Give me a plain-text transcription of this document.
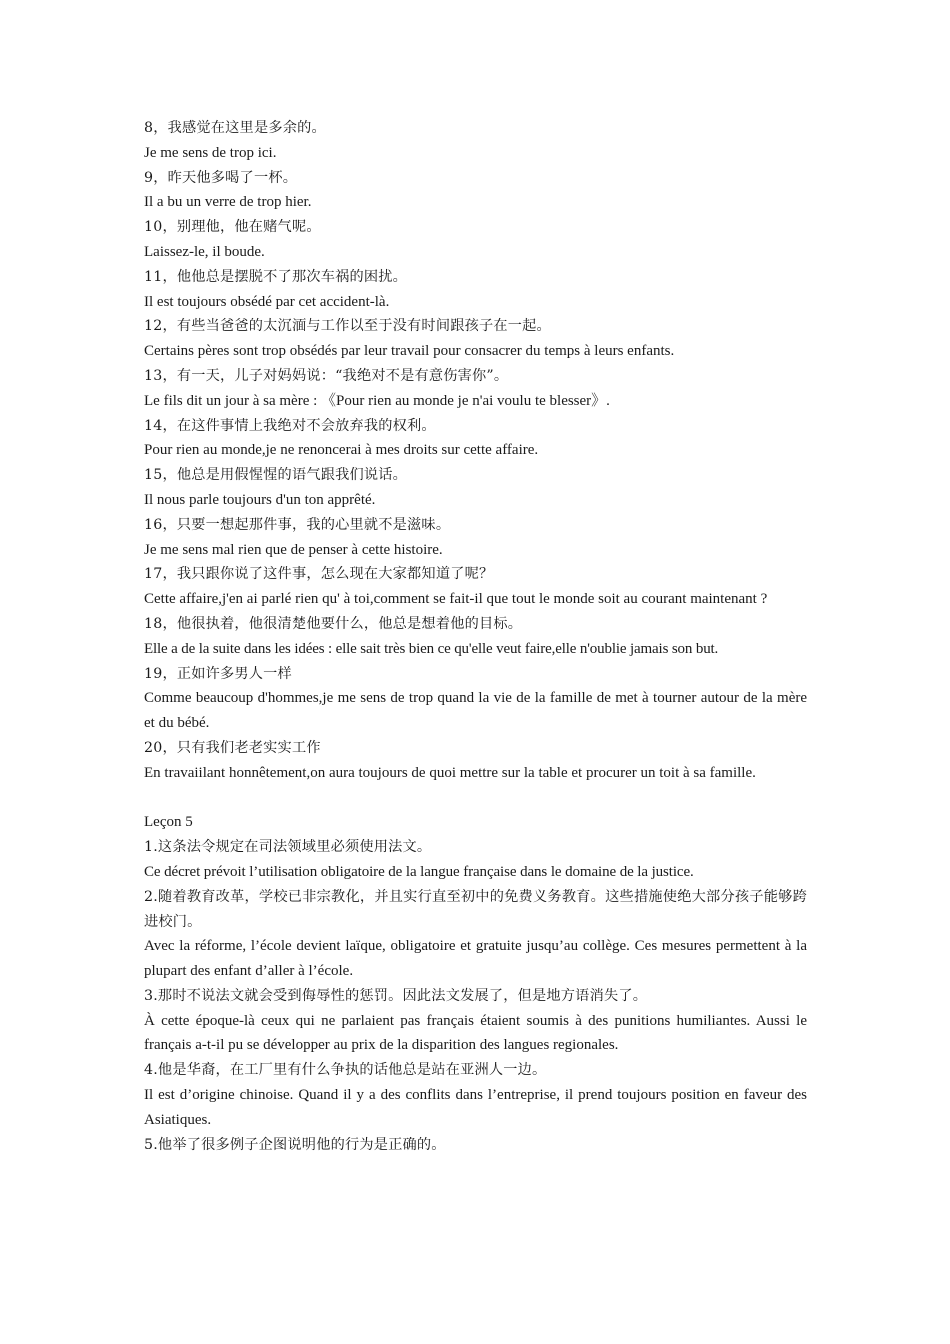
8，我感觉在这里是多余的。

Je me sens de trop ici.

9，昨天他多喝了一杯。

Il a bu un verre de trop hier.

10，别理他，他在赌气呢。

Laissez-le, il boude.

11，他他总是摆脱不了那次车祸的困扰。

Il est toujours obsédé par cet accident-là.

12，有些当爸爸的太沉湎与工作以至于没有时间跟孩子在一起。

Certains pères sont trop obsédés par leur travail pour consacrer du temps à leurs enfants.

13，有一天，儿子对妈妈说：“我绝对不是有意伤害你”。

Le fils dit un jour à sa mère : 《Pour rien au monde je n'ai voulu te blesser》.

14，在这件事情上我绝对不会放弃我的权利。

Pour rien au monde,je ne renoncerai à mes droits sur cette affaire.

15，他总是用假惺惺的语气跟我们说话。

Il nous parle toujours d'un ton apprêté.

16，只要一想起那件事，我的心里就不是滋味。

Je me sens mal rien que de penser à cette histoire.

17，我只跟你说了这件事，怎么现在大家都知道了呢？

Cette affaire,j'en ai parlé rien qu' à toi,comment se fait-il que tout le monde soit au courant maintenant ?

18，他很执着，他很清楚他要什么，他总是想着他的目标。

Elle a de la suite dans les idées : elle sait très bien ce qu'elle veut faire,elle n'oublie jamais son but.

19，正如许多男人一样

Comme beaucoup d'hommes,je me sens de trop quand la vie de la famille de met à tourner autour de la mère et du bébé.

20，只有我们老老实实工作

En travaiilant honnêtement,on aura toujours de quoi mettre sur la table et procurer un toit à sa famille.

Leçon 5

1.这条法令规定在司法领域里必须使用法文。

Ce décret prévoit l’utilisation obligatoire de la langue française dans le domaine de la justice.

2.随着教育改革，学校已非宗教化，并且实行直至初中的免费义务教育。这些措施使绝大部分孩子能够跨进校门。

Avec la réforme, l’école devient laïque, obligatoire et gratuite jusqu’au collège. Ces mesures permettent à la plupart des enfant d’aller à l’école.

3.那时不说法文就会受到侮辱性的惩罚。因此法文发展了，但是地方语消失了。

À cette époque-là ceux qui ne parlaient pas français étaient soumis à des punitions humiliantes. Aussi le français a-t-il pu se développer au prix de la disparition des langues regionales.

4.他是华裔，在工厂里有什么争执的话他总是站在亚洲人一边。

Il est d’origine chinoise. Quand il y a des conflits dans l’entreprise, il prend toujours position en faveur des Asiatiques.

5.他举了很多例子企图说明他的行为是正确的。
